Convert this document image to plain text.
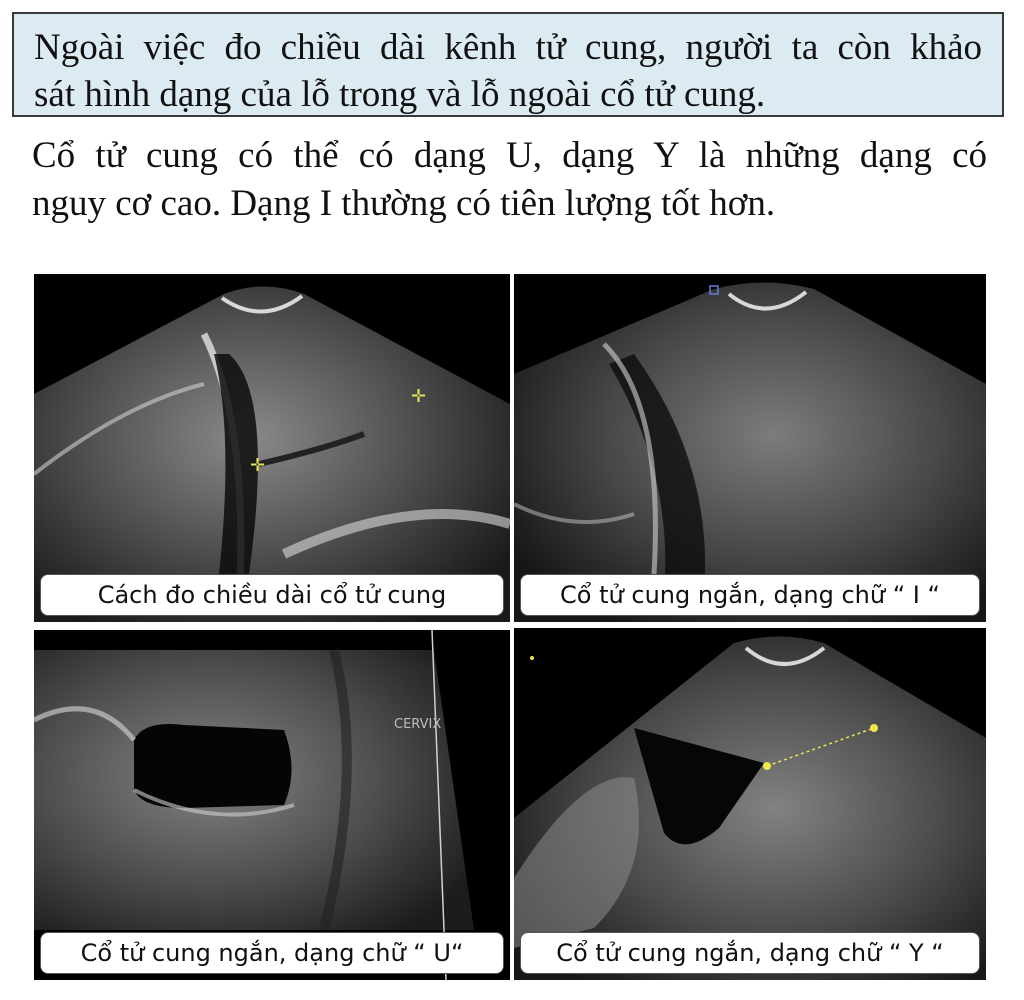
Ngoài việc đo chiều dài kênh tử cung, người ta còn khảo
sát hình dạng của lỗ trong và lỗ ngoài cổ tử cung.
Cổ tử cung có thể có dạng U, dạng Y là những dạng có
nguy cơ cao. Dạng I thường có tiên lượng tốt hơn.
✛
✛
Cách đo chiều dài cổ tử cung	Cổ tử cung ngắn, dạng chữ “ I “
CERVIX
Cổ tử cung ngắn, dạng chữ “ U“	Cổ tử cung ngắn, dạng chữ “ Y “
